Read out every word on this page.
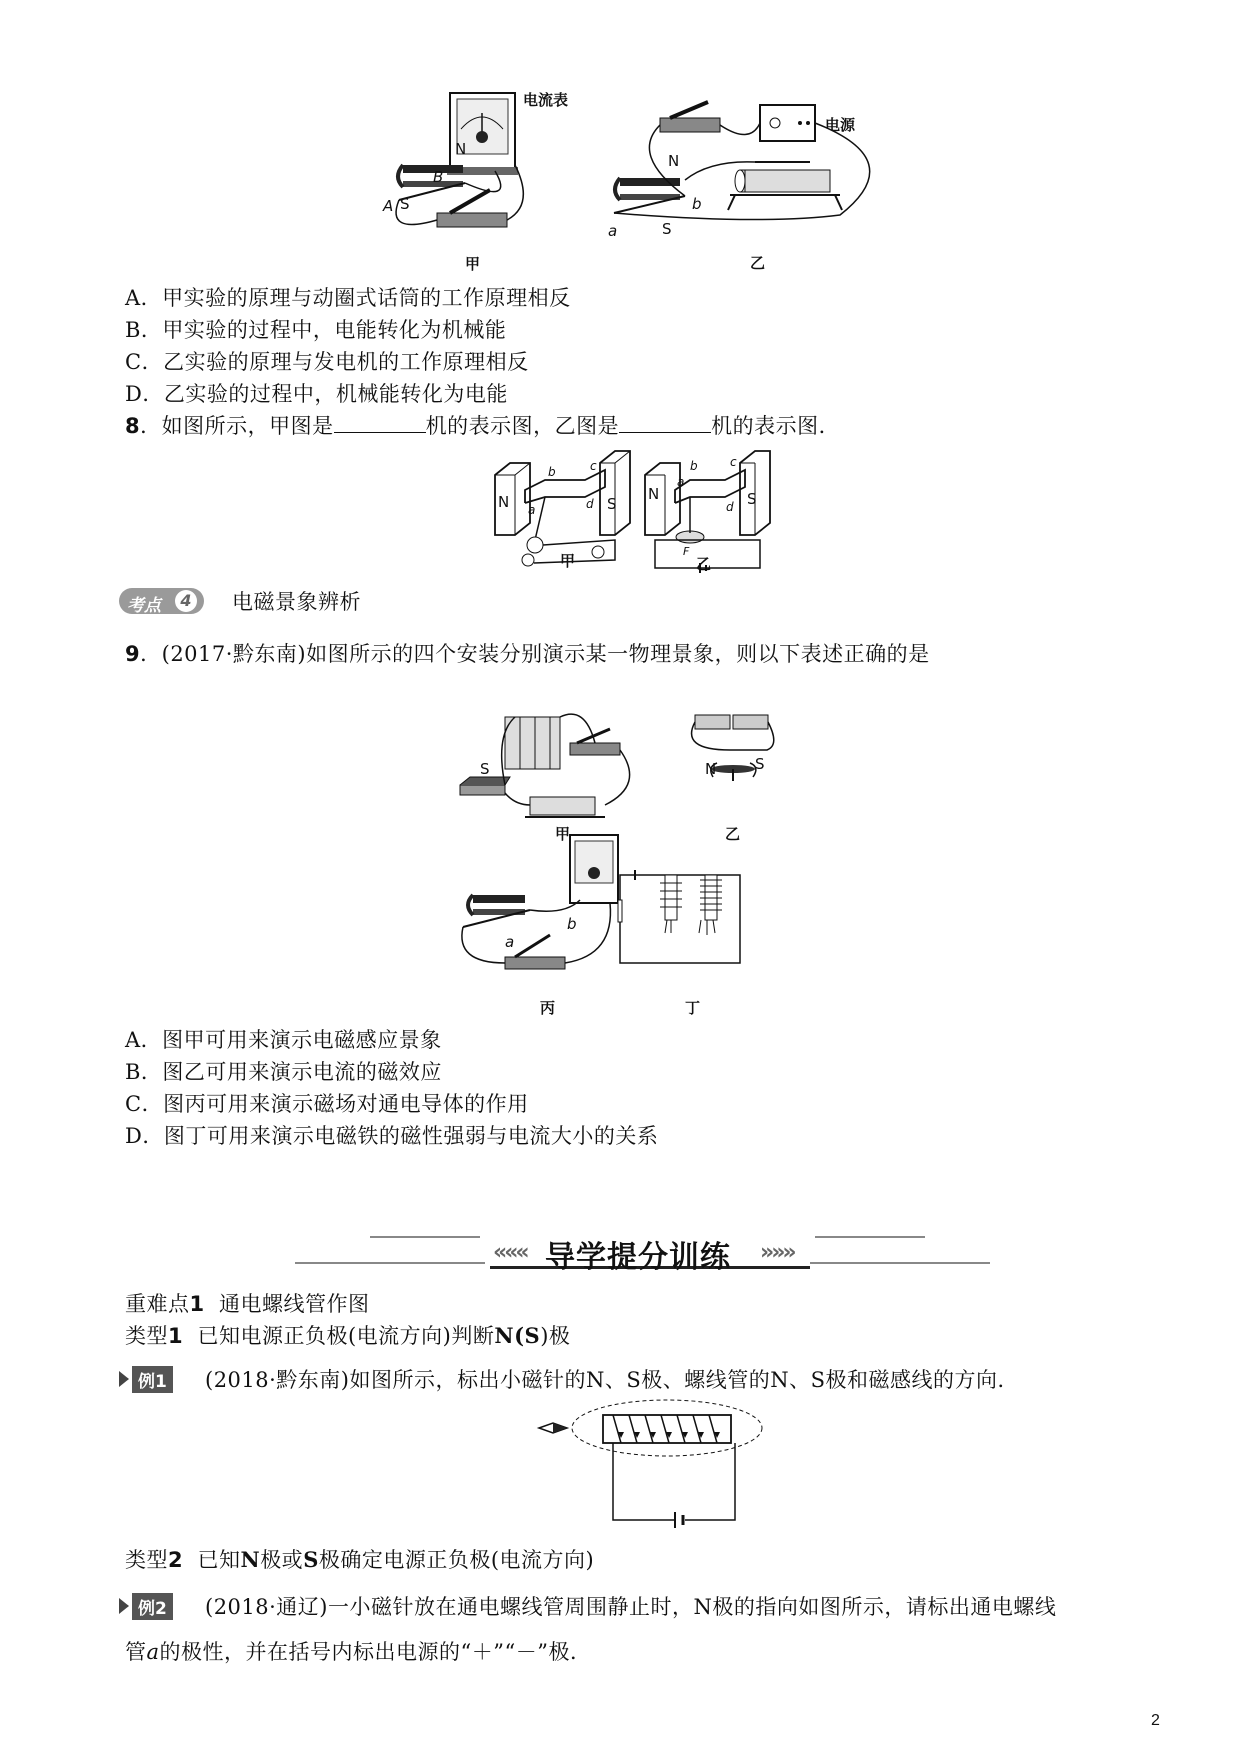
电流表
N
B
A S
甲
电源
N
b
a	S
乙
A．甲实验的原理与动圈式话筒的工作原理相反
B．甲实验的过程中，电能转化为机械能
C．乙实验的原理与发电机的工作原理相反
D．乙实验的过程中，机械能转化为电能
8．如图所示，甲图是	机的表示图，乙图是	机的表示图．
N	S
a
b	c
d
N	S
a
b	c
d
F
甲	乙
考点	4 电磁景象辨析
9．(2017·黔东南)如图所示的四个安装分别演示某一物理景象，则以下表述正确的是
S
甲
N	S
乙
b
a
丙	丁
A．图甲可用来演示电磁感应景象
B．图乙可用来演示电流的磁效应
C．图丙可用来演示磁场对通电导体的作用
D．图丁可用来演示电磁铁的磁性强弱与电流大小的关系
««« 导学提分训练 »»»
重难点1 通电螺线管作图
类型1 已知电源正负极(电流方向)判断N(S)极
例1 (2018·黔东南)如图所示，标出小磁针的N、S极、螺线管的N、S极和磁感线的方向．
类型2 已知N极或S极确定电源正负极(电流方向)
例2 (2018·通辽)一小磁针放在通电螺线管周围静止时，N极的指向如图所示，请标出通电螺线
管a的极性，并在括号内标出电源的“＋”“－”极．
2
